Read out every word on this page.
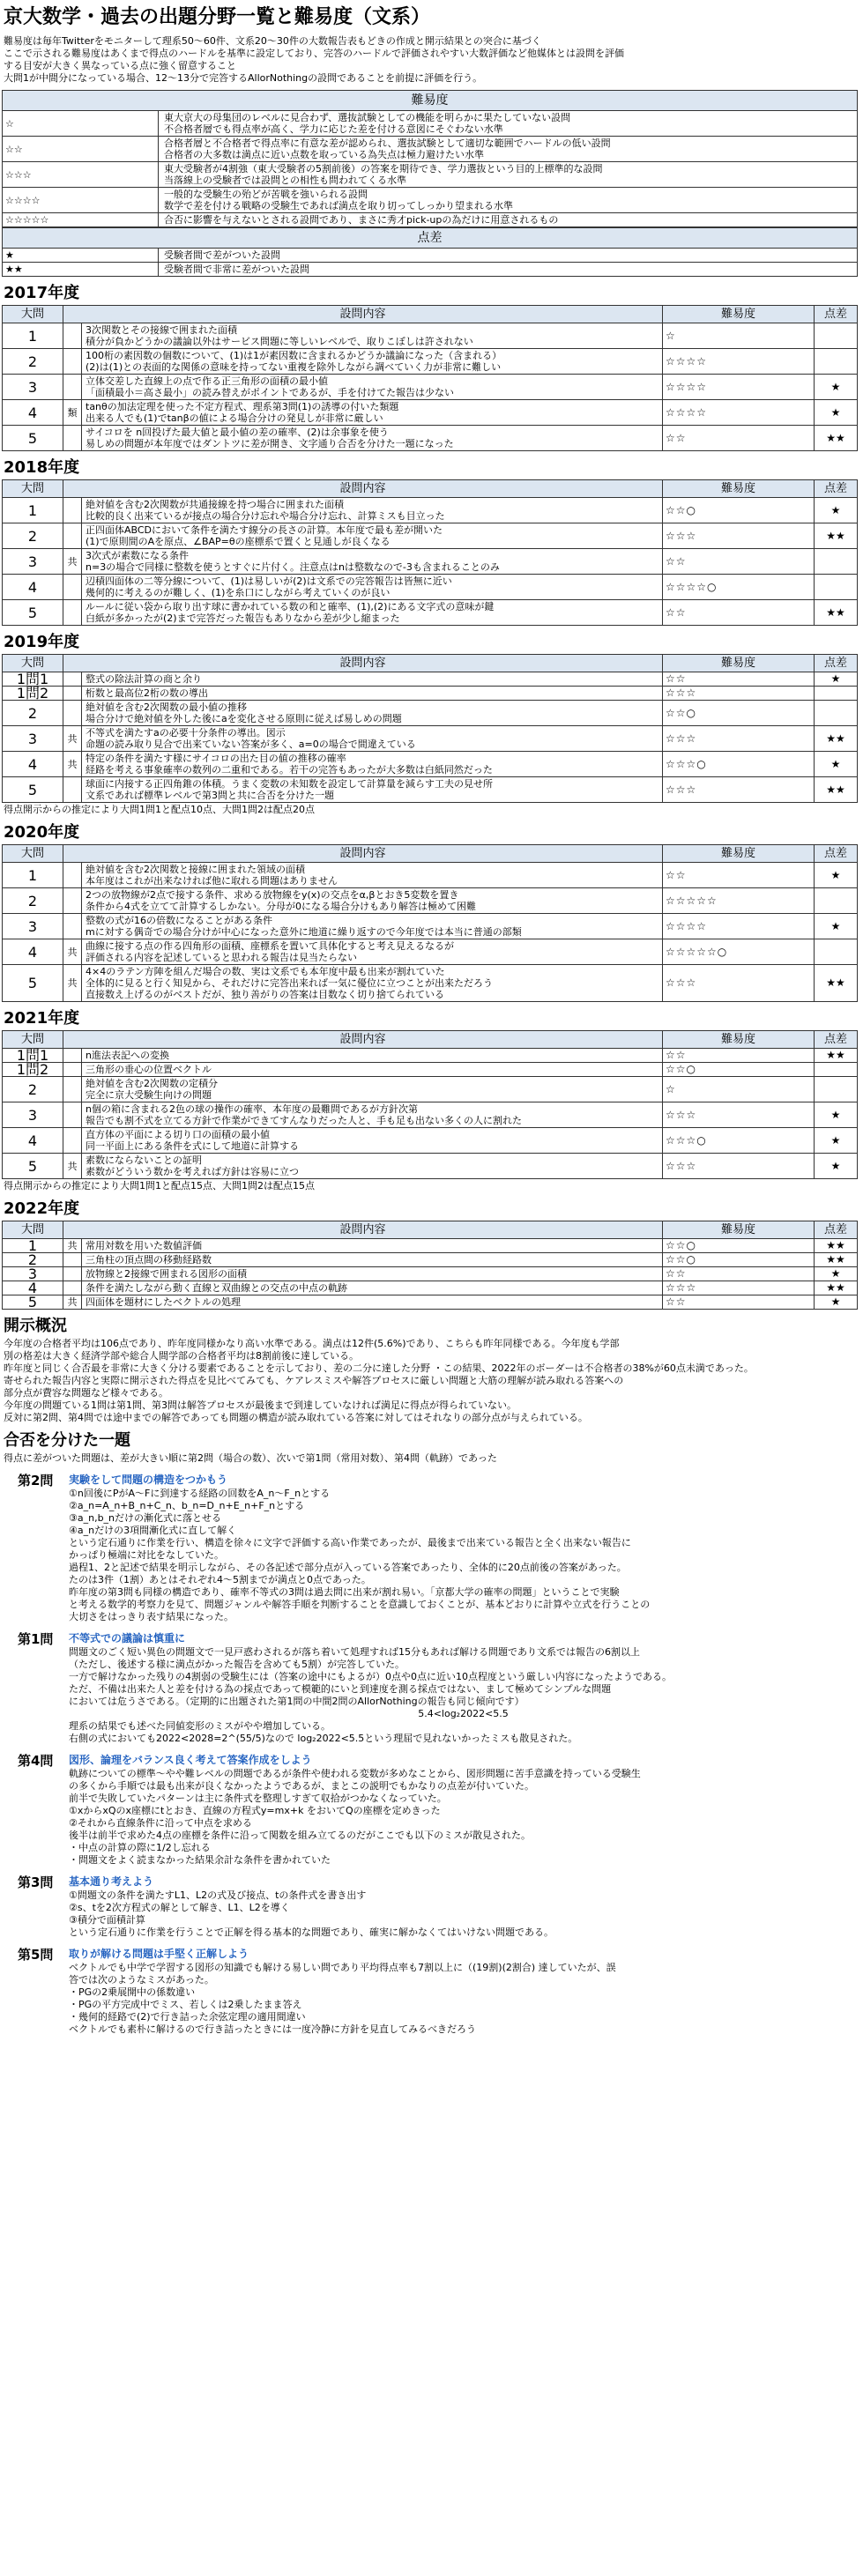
京大数学・過去の出題分野一覧と難易度（文系）

難易度は毎年Twitterをモニターして理系50～60件、文系20～30件の大数報告表もどきの作成と開示結果との突合に基づく

ここで示される難易度はあくまで得点のハードルを基準に設定しており、完答のハードルで評価されやすい大数評価など他媒体とは設問を評価

する目安が大きく異なっている点に強く留意すること

大問1が中間分になっている場合、12～13分で完答するAllorNothingの設問であることを前提に評価を行う。

難易度	
☆	東大京大の母集団のレベルに見合わず、選抜試験としての機能を明らかに果たしていない設問
不合格者層でも得点率が高く、学力に応じた差を付ける意図にそぐわない水準

☆☆	合格者層と不合格者で得点率に有意な差が認められ、選抜試験として適切な範囲でハードルの低い設問
合格者の大多数は満点に近い点数を取っている為失点は極力避けたい水準

☆☆☆	東大受験者が4割強（東大受験者の5割前後）の答案を期待でき、学力選抜という目的上標準的な設問
当落線上の受験者では設問との相性も問われてくる水準

☆☆☆☆	一般的な受験生の殆どが苦戦を強いられる設問
数学で差を付ける戦略の受験生であれば満点を取り切ってしっかり望まれる水準

☆☆☆☆☆	合否に影響を与えないとされる設問であり、まさに秀才pick-upの為だけに用意されるもの
点差	
★	受験者間で差がついた設問
★★	受験者間で非常に差がついた設問
2017年度
大問	設問内容		難易度	点差
1		3次関数とその接線で囲まれた面積
積分が負かどうかの議論以外はサービス問題に等しいレベルで、取りこぼしは許されない	☆	
2		100桁の素因数の個数について、(1)は1が素因数に含まれるかどうか議論になった（含まれる）
(2)は(1)との表面的な関係の意味を持ってない重複を除外しながら調べていく力が非常に難しい	☆☆☆☆	
3		立体交差した直線上の点で作る正三角形の面積の最小値
「面積最小＝高さ最小」の読み替えがポイントであるが、手を付けてた報告は少ない	☆☆☆☆	★
4	類	tanθの加法定理を使った不定方程式、理系第3問(1)の誘導の付いた類題
出来る人でも(1)でtanβの値による場合分けの発見しが非常に厳しい	☆☆☆☆	★
5		サイコロを n回投げた最大値と最小値の差の確率、(2)は余事象を使う
易しめの問題が本年度ではダントツに差が開き、文字通り合否を分けた一題になった	☆☆	★★
2018年度
大問	設問内容		難易度	点差
1		絶対値を含む2次関数が共通接線を持つ場合に囲まれた面積
比較的良く出来ているが接点の場合分け忘れや場合分け忘れ、計算ミスも目立った	☆☆○	★
2		正四面体ABCDにおいて条件を満たす線分の長さの計算。本年度で最も差が開いた
(1)で原則間のAを原点、∠BAP=θの座標系で置くと見通しが良くなる	☆☆☆	★★
3	共	3次式が素数になる条件
n=3の場合で同様に整数を使うとすぐに片付く。注意点はnは整数なので-3も含まれることのみ	☆☆	
4		辺積四面体の二等分線について、(1)は易しいが(2)は文系での完答報告は皆無に近い
幾何的に考えるのが難しく、(1)を糸口にしながら考えていくのが良い	☆☆☆☆○	
5		ルールに従い袋から取り出す球に書かれている数の和と確率、(1),(2)にある文字式の意味が鍵
白紙が多かったが(2)まで完答だった報告もありなから差が少し縮まった	☆☆	★★
2019年度
大問	設問内容		難易度	点差
1問1		整式の除法計算の商と余り	☆☆	★
1問2		桁数と最高位2桁の数の導出	☆☆☆	
2		絶対値を含む2次関数の最小値の推移
場合分けで絶対値を外した後にaを変化させる原則に従えば易しめの問題	☆☆○	
3	共	不等式を満たすaの必要十分条件の導出。図示
命題の読み取り見合で出来ていない答案が多く、a=0の場合で間違えている	☆☆☆	★★
4	共	特定の条件を満たす様にサイコロの出た目の値の推移の確率
経路を考える事象確率の数列の二重和である。若干の完答もあったが大多数は白紙同然だった	☆☆☆○	★
5		球面に内接する正四角錐の体積。うまく変数の未知数を設定して計算量を減らす工夫の見せ所
文系であれば標準レベルで第3問と共に合否を分けた一題	☆☆☆	★★
得点開示からの推定により大問1問1と配点10点、大問1問2は配点20点
2020年度
大問	設問内容		難易度	点差
1		絶対値を含む2次関数と接線に囲まれた領域の面積
本年度はこれが出来なければ他に取れる問題はありません	☆☆	★
2		2つの放物線が2点で接する条件、求める放物線をy(x)の交点をα,βとおき5変数を置き
条件から4式を立てて計算するしかない。分母が0になる場合分けもあり解答は極めて困難	☆☆☆☆☆	
3		整数の式が16の倍数になることがある条件
mに対する偶奇での場合分けが中心になった意外に地道に繰り返すので今年度では本当に普通の部類	☆☆☆☆	★
4	共	曲線に接する点の作る四角形の面積、座標系を置いて具体化すると考え見えるなるが
評価される内容を記述していると思われる報告は見当たらない	☆☆☆☆☆○	
5	共	4×4のラテン方陣を組んだ場合の数、実は文系でも本年度中最も出来が割れていた
全体的に見ると行く知見から、それだけに完答出来れば一気に優位に立つことが出来ただろう
直接数え上げるのがベストだが、独り善がりの答案は目数なく切り捨てられている	☆☆☆	★★
2021年度
大問	設問内容		難易度	点差
1問1		n進法表記への変換	☆☆	★★
1問2		三角形の垂心の位置ベクトル	☆☆○	
2		絶対値を含む2次関数の定積分
完全に京大受験生向けの問題	☆	
3		n個の箱に含まれる2色の球の操作の確率、本年度の最難問であるが方針次第
報告でも割不式を立てる方針で作業ができてすんなりだった人と、手も足も出ない多くの人に割れた	☆☆☆	★
4		直方体の平面による切り口の面積の最小値
同一平面上にある条件を式にして地道に計算する	☆☆☆○	★
5	共	素数にならないことの証明
素数がどういう数かを考えれば方針は容易に立つ	☆☆☆	★
得点開示からの推定により大問1問1と配点15点、大問1問2は配点15点
2022年度
大問	設問内容		難易度	点差
1	共	常用対数を用いた数値評価	☆☆○	★★
2		三角柱の頂点間の移動経路数	☆☆○	★★
3		放物線と2接線で囲まれる図形の面積	☆☆	★
4		条件を満たしながら動く直線と双曲線との交点の中点の軌跡	☆☆☆	★★
5	共	四面体を題材にしたベクトルの処理	☆☆	★
開示概況

今年度の合格者平均は106点であり、昨年度同様かなり高い水準である。満点は12件(5.6%)であり、こちらも昨年同様である。今年度も学部

別の格差は大きく経済学部や総合人間学部の合格者平均は8割前後に達している。

昨年度と同じく合否最を非常に大きく分ける要素であることを示しており、差の二分に達した分野 ・この結果、2022年のボーダーは不合格者の38%が60点未満であった。

寄せられた報告内容と実際に開示された得点を見比べてみても、ケアレスミスや解答プロセスに厳しい問題と大筋の理解が読み取れる答案への

部分点が費容な問題など様々である。

今年度の問題ている1問は第1問、第3問は解答プロセスが最後まで到達していなければ満足に得点が得られていない。

反対に第2問、第4問では途中までの解答であっても問題の構造が読み取れている答案に対してはそれなりの部分点が与えられている。

合否を分けた一題

得点に差がついた問題は、差が大きい順に第2問（場合の数）、次いで第1問（常用対数）、第4問（軌跡）であった

第2問	実験をして問題の構造をつかもう

①n回後にPがA～Fに到達する経路の回数をA_n～F_nとする

②a_n=A_n+B_n+C_n、b_n=D_n+E_n+F_nとする

③a_n,b_nだけの漸化式に落とせる

④a_nだけの3項間漸化式に直して解く

という定石通りに作業を行い、構造を徐々に文字で評価する高い作業であったが、最後まで出来ている報告と全く出来ない報告に

かっぱり極端に対比をなしていた。

過程1、2と記述で結果を明示しながら、その各記述で部分点が入っている答案であったり、全体的に20点前後の答案があった。

たのは3件（1割）あとはそれぞれ4～5割までが満点と0点であった。

昨年度の第3問も同様の構造であり、確率不等式の3問は過去問に出来が割れ易い。「京都大学の確率の問題」ということで実験

と考える数学的考察力を見て、問題ジャンルや解答手順を判断することを意識しておくことが、基本どおりに計算や立式を行うことの

大切さをはっきり表す結果になった。

第1問	不等式での議論は慎重に

問題文のごく短い異色の問題文で一見戸惑わされるが落ち着いて処理すれば15分もあれば解ける問題であり文系では報告の6割以上

（ただし、後述する様に満点がかった報告を含めても5割）が完答していた。

一方で解けなかった残りの4割弱の受験生には（答案の途中にもよるが）0点や0点に近い10点程度という厳しい内容になったようである。

ただ、不備は出来た人と差を付ける為の採点であって模範的にいと到達度を測る採点ではない、まして極めてシンプルな問題

においては危うさである。（定期的に出題された第1問の中間2問のAllorNothingの報告も同じ傾向です）

5.4<log₂2022<5.5

理系の結果でも述べた同値変形のミスがやや増加している。

右側の式においても2022<2028=2^(55/5)なので log₂2022<5.5という理屈で見れないかったミスも散見された。

第4問	図形、論理をバランス良く考えて答案作成をしよう

軌跡についての標準～やや難レベルの問題であるが条件や使われる変数が多めなことから、図形問題に苦手意識を持っている受験生

の多くから手順では最も出来が良くなかったようであるが、まとこの説明でもかなりの点差が付いていた。

前半で失敗していたパターンは主に条件式を整理しすぎて収拾がつかなくなっていた。

①xからxQのx座標にtとおき、直線の方程式y=mx+k をおいてQの座標を定めきった

②それから直線条件に沿って中点を求める

後半は前半で求めた4点の座標を条件に沿って関数を組み立てるのだがここでも以下のミスが散見された。

・中点の計算の際に1/2し忘れる

・問題文をよく読まなかった結果余計な条件を書かれていた

第3問	基本通り考えよう

①問題文の条件を満たすL1、L2の式及び接点、tの条件式を書き出す

②s、tを2次方程式の解として解き、L1、L2を導く

③積分で面積計算

という定石通りに作業を行うことで正解を得る基本的な問題であり、確実に解かなくてはいけない問題である。

第5問	取りが解ける問題は手堅く正解しよう

ベクトルでも中学で学習する図形の知識でも解ける易しい問であり平均得点率も7割以上に（(19割)(2割合) 達していたが、誤

答では次のようなミスがあった。

・PGの2乗展開中の係数違い

・PGの平方完成中でミス、若しくは2乗したまま答え

・幾何的経路で(2)で行き詰った余弦定理の適用間違い

ベクトルでも素朴に解けるので行き詰ったときには一度冷静に方針を見直してみるべきだろう
